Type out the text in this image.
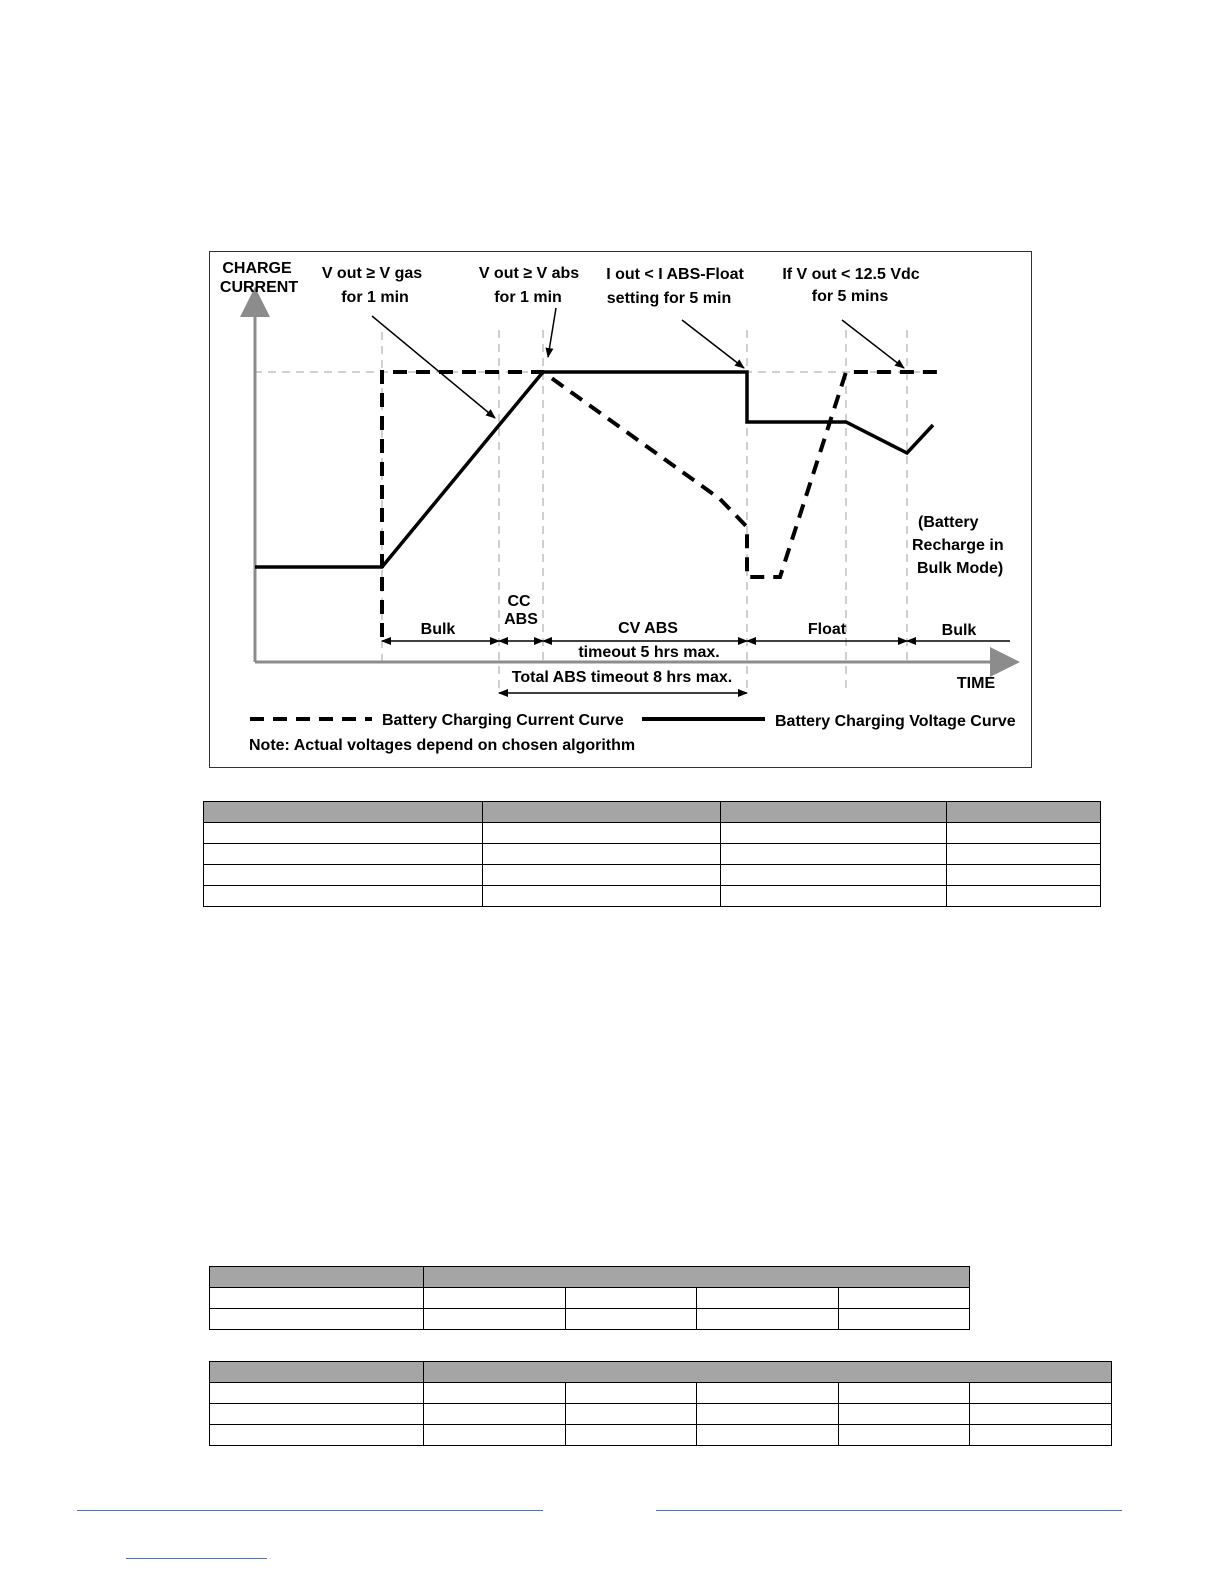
CHARGE
CURRENT
TIME
V out ≥ V gas
for 1 min
V out ≥ V abs
for 1 min
I out < I ABS-Float
setting for 5 min
If V out < 12.5 Vdc
for 5 mins
Bulk
CC
ABS
CV ABS
timeout 5 hrs max.
Float	Bulk
Total ABS timeout 8 hrs max.
(Battery
Recharge in
Bulk Mode)
Battery Charging Current Curve	Battery Charging Voltage Curve
Note: Actual voltages depend on chosen algorithm
